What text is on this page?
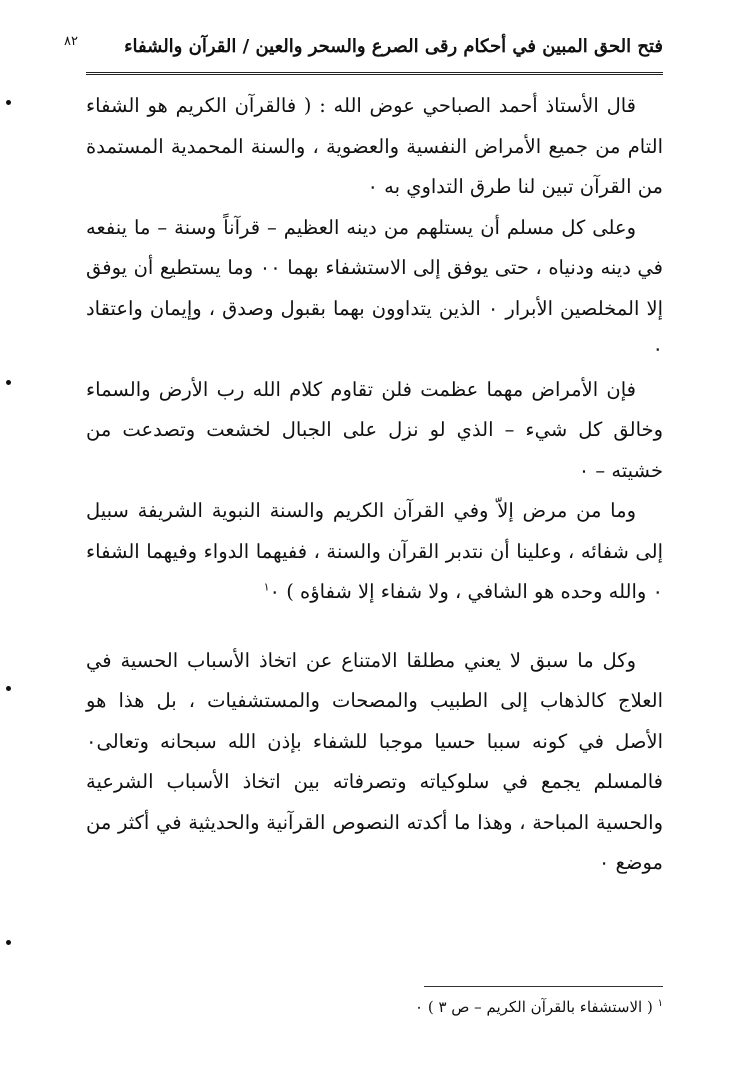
٨٢	فتح الحق المبين في أحكام رقى الصرع والسحر والعين / القرآن والشفاء

قال الأستاذ أحمد الصباحي عوض الله : ( فالقرآن الكريم هو الشفاء التام من جميع الأمراض النفسية والعضوية ، والسنة المحمدية المستمدة من القرآن تبين لنا طرق التداوي به ٠

وعلى كل مسلم أن يستلهم من دينه العظيم – قرآناً وسنة – ما ينفعه في دينه ودنياه ، حتى يوفق إلى الاستشفاء بهما ٠٠ وما يستطيع أن يوفق إلا المخلصين الأبرار ٠ الذين يتداوون بهما بقبول وصدق ، وإيمان واعتقاد ٠

فإن الأمراض مهما عظمت فلن تقاوم كلام الله رب الأرض والسماء وخالق كل شيء – الذي لو نزل على الجبال لخشعت وتصدعت من خشيته – ٠

وما من مرض إلاّ وفي القرآن الكريم والسنة النبوية الشريفة سبيل إلى شفائه ، وعلينا أن نتدبر القرآن والسنة ، ففيهما الدواء وفيهما الشفاء ٠ والله وحده هو الشافي ، ولا شفاء إلا شفاؤه ) $^١$٠

وكل ما سبق لا يعني مطلقا الامتناع عن اتخاذ الأسباب الحسية في العلاج كالذهاب إلى الطبيب والمصحات والمستشفيات ، بل هذا هو الأصل في كونه سببا حسيا موجبا للشفاء بإذن الله سبحانه وتعالى٠ فالمسلم يجمع في سلوكياته وتصرفاته بين اتخاذ الأسباب الشرعية والحسية المباحة ، وهذا ما أكدته النصوص القرآنية والحديثية في أكثر من موضع ٠

$^١$ ( الاستشفاء بالقرآن الكريم – ص ٣ ) ٠
